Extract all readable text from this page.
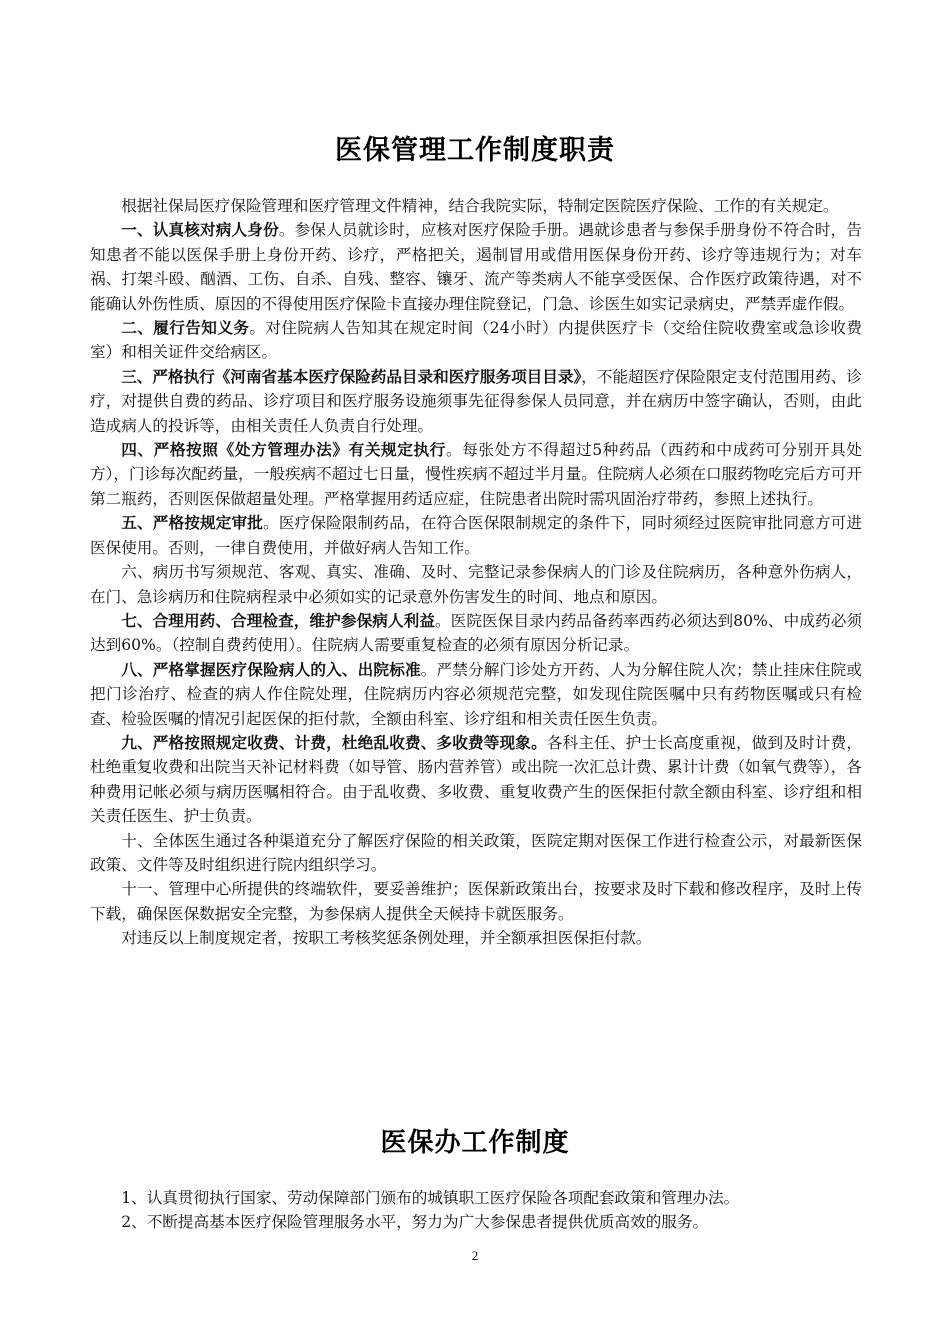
医保管理工作制度职责

根据社保局医疗保险管理和医疗管理文件精神，结合我院实际，特制定医院医疗保险、工作的有关规定。

一、认真核对病人身份。参保人员就诊时，应核对医疗保险手册。遇就诊患者与参保手册身份不符合时，告知患者不能以医保手册上身份开药、诊疗，严格把关，遏制冒用或借用医保身份开药、诊疗等违规行为；对车祸、打架斗殴、酗酒、工伤、自杀、自残、整容、镶牙、流产等类病人不能享受医保、合作医疗政策待遇，对不能确认外伤性质、原因的不得使用医疗保险卡直接办理住院登记，门急、诊医生如实记录病史，严禁弄虚作假。

二、履行告知义务。对住院病人告知其在规定时间（24小时）内提供医疗卡（交给住院收费室或急诊收费室）和相关证件交给病区。

三、严格执行《河南省基本医疗保险药品目录和医疗服务项目目录》，不能超医疗保险限定支付范围用药、诊疗，对提供自费的药品、诊疗项目和医疗服务设施须事先征得参保人员同意，并在病历中签字确认，否则，由此造成病人的投诉等，由相关责任人负责自行处理。

四、严格按照《处方管理办法》有关规定执行。每张处方不得超过5种药品（西药和中成药可分别开具处方），门诊每次配药量，一般疾病不超过七日量，慢性疾病不超过半月量。住院病人必须在口服药物吃完后方可开第二瓶药，否则医保做超量处理。严格掌握用药适应症，住院患者出院时需巩固治疗带药，参照上述执行。

五、严格按规定审批。医疗保险限制药品，在符合医保限制规定的条件下，同时须经过医院审批同意方可进医保使用。否则，一律自费使用，并做好病人告知工作。

六、病历书写须规范、客观、真实、准确、及时、完整记录参保病人的门诊及住院病历，各种意外伤病人，在门、急诊病历和住院病程录中必须如实的记录意外伤害发生的时间、地点和原因。

七、合理用药、合理检查，维护参保病人利益。医院医保目录内药品备药率西药必须达到80%、中成药必须达到60%。（控制自费药使用）。住院病人需要重复检查的必须有原因分析记录。

八、严格掌握医疗保险病人的入、出院标准。严禁分解门诊处方开药、人为分解住院人次；禁止挂床住院或把门诊治疗、检查的病人作住院处理，住院病历内容必须规范完整，如发现住院医嘱中只有药物医嘱或只有检查、检验医嘱的情况引起医保的拒付款，全额由科室、诊疗组和相关责任医生负责。

九、严格按照规定收费、计费，杜绝乱收费、多收费等现象。各科主任、护士长高度重视，做到及时计费，杜绝重复收费和出院当天补记材料费（如导管、肠内营养管）或出院一次汇总计费、累计计费（如氧气费等），各种费用记帐必须与病历医嘱相符合。由于乱收费、多收费、重复收费产生的医保拒付款全额由科室、诊疗组和相关责任医生、护士负责。

十、全体医生通过各种渠道充分了解医疗保险的相关政策，医院定期对医保工作进行检查公示，对最新医保政策、文件等及时组织进行院内组织学习。

十一、管理中心所提供的终端软件，要妥善维护；医保新政策出台，按要求及时下载和修改程序，及时上传下载，确保医保数据安全完整，为参保病人提供全天候持卡就医服务。

对违反以上制度规定者，按职工考核奖惩条例处理，并全额承担医保拒付款。

医保办工作制度

1、认真贯彻执行国家、劳动保障部门颁布的城镇职工医疗保险各项配套政策和管理办法。

2、不断提高基本医疗保险管理服务水平，努力为广大参保患者提供优质高效的服务。

2
